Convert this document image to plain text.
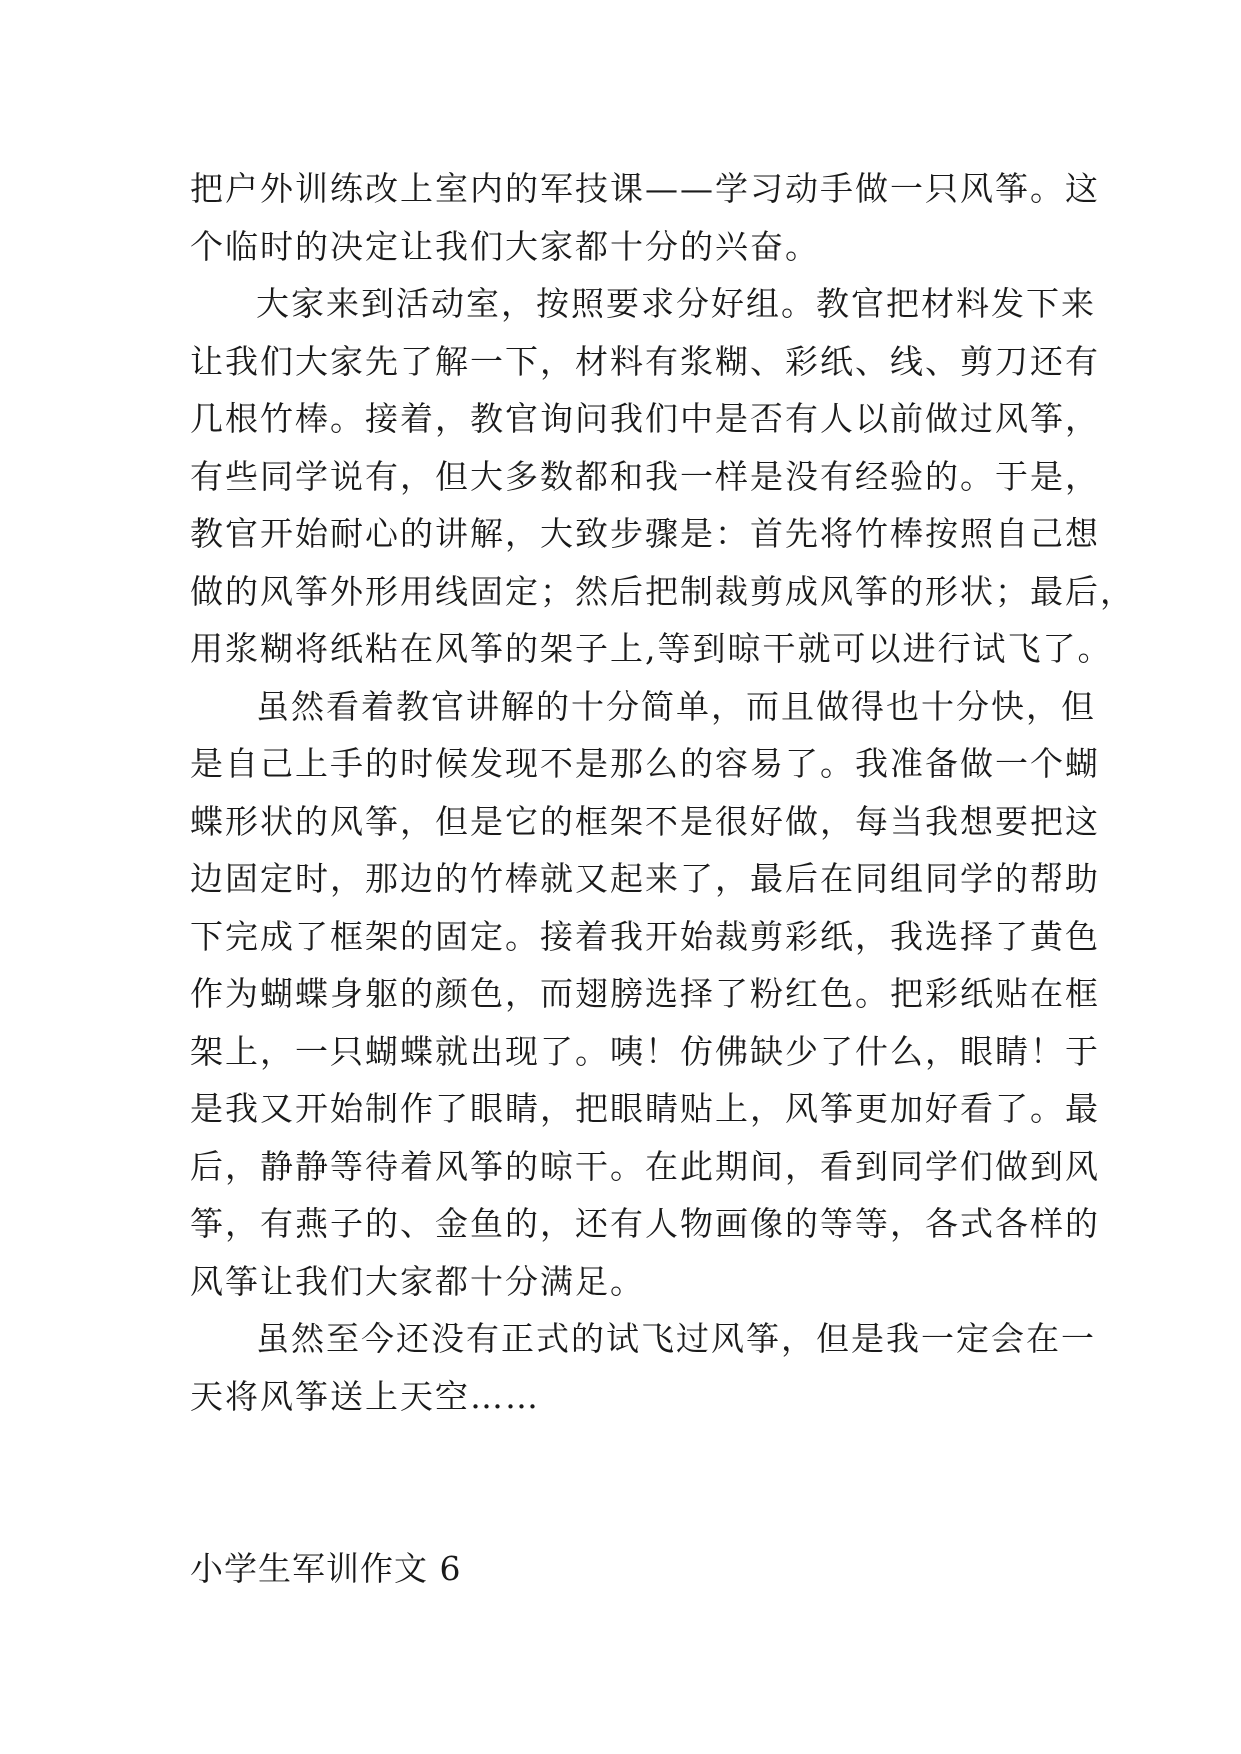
把户外训练改上室内的军技课——学习动手做一只风筝。这
个临时的决定让我们大家都十分的兴奋。
大家来到活动室，按照要求分好组。教官把材料发下来
让我们大家先了解一下，材料有浆糊、彩纸、线、剪刀还有
几根竹棒。接着，教官询问我们中是否有人以前做过风筝，
有些同学说有，但大多数都和我一样是没有经验的。于是，
教官开始耐心的讲解，大致步骤是：首先将竹棒按照自己想
做的风筝外形用线固定；然后把制裁剪成风筝的形状；最后，
用浆糊将纸粘在风筝的架子上,等到晾干就可以进行试飞了。
虽然看着教官讲解的十分简单，而且做得也十分快，但
是自己上手的时候发现不是那么的容易了。我准备做一个蝴
蝶形状的风筝，但是它的框架不是很好做，每当我想要把这
边固定时，那边的竹棒就又起来了，最后在同组同学的帮助
下完成了框架的固定。接着我开始裁剪彩纸，我选择了黄色
作为蝴蝶身躯的颜色，而翅膀选择了粉红色。把彩纸贴在框
架上，一只蝴蝶就出现了。咦！仿佛缺少了什么，眼睛！于
是我又开始制作了眼睛，把眼睛贴上，风筝更加好看了。最
后，静静等待着风筝的晾干。在此期间，看到同学们做到风
筝，有燕子的、金鱼的，还有人物画像的等等，各式各样的
风筝让我们大家都十分满足。
虽然至今还没有正式的试飞过风筝，但是我一定会在一
天将风筝送上天空……
小学生军训作文 6
